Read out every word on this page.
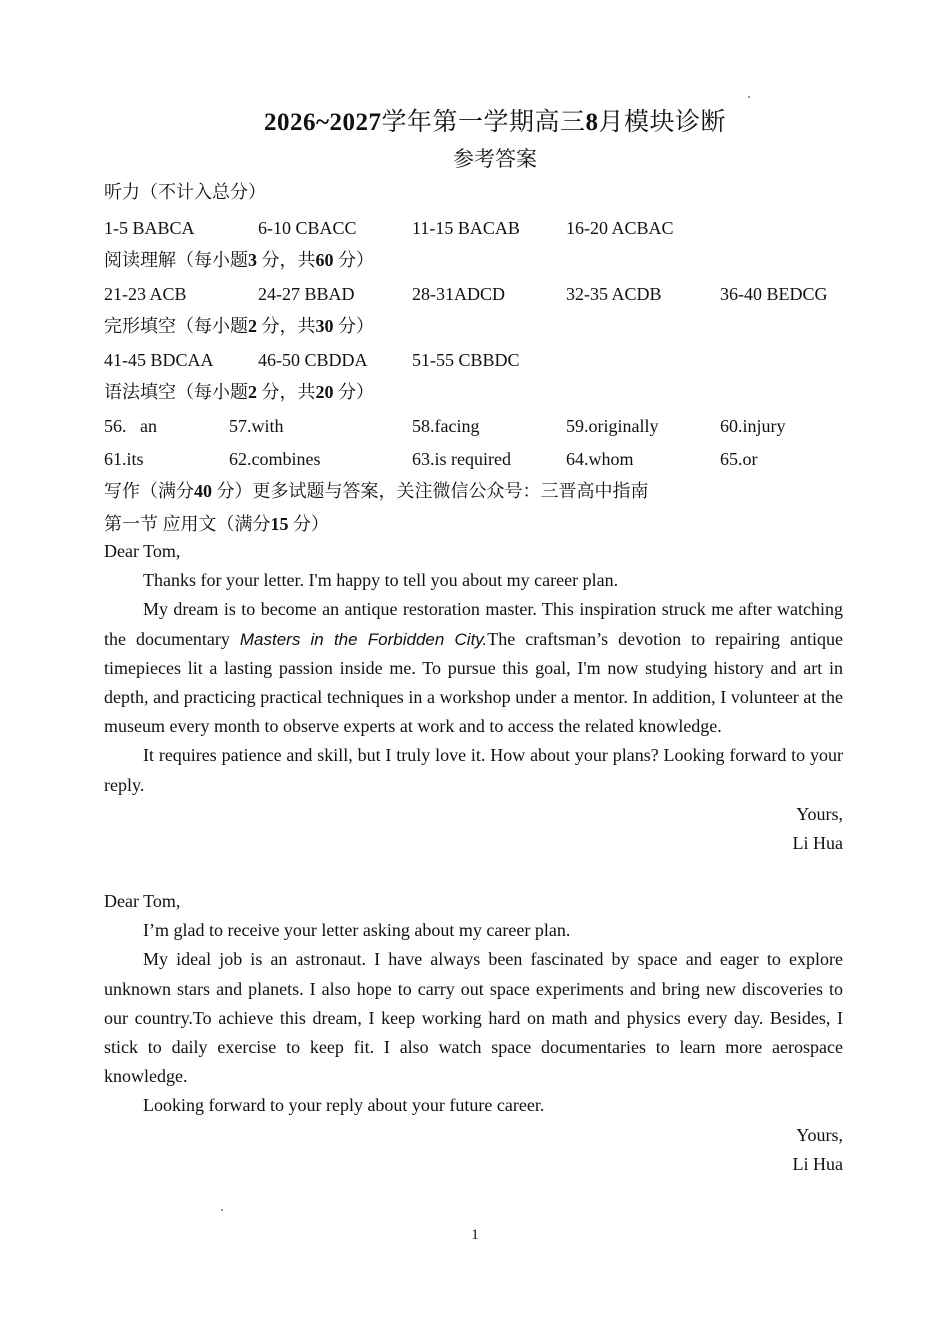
2026~2027学年第一学期高三8月模块诊断
参考答案
听力（不计入总分）
1-5 BABCA	6-10 CBACC	11-15 BACAB	16-20 ACBAC
阅读理解（每小题3 分，共60 分）
21-23 ACB	24-27 BBAD	28-31ADCD	32-35 ACDB	36-40 BEDCG
完形填空（每小题2 分，共30 分）
41-45 BDCAA 46-50 CBDDA 51-55 CBBDC
语法填空（每小题2 分，共20 分）
56.   an	57.with	58.facing	59.originally	60.injury
61.its	62.combines	63.is required	64.whom	65.or
写作（满分40 分）更多试题与答案，关注微信公众号：三晋高中指南
第一节 应用文（满分15 分）

Dear Tom,

Thanks for your letter. I'm happy to tell you about my career plan.

My dream is to become an antique restoration master. This inspiration struck me after watching the documentary Masters in the Forbidden City.The craftsman’s devotion to repairing antique timepieces lit a lasting passion inside me. To pursue this goal, I'm now studying history and art in depth, and practicing practical techniques in a workshop under a mentor. In addition, I volunteer at the museum every month to observe experts at work and to access the related knowledge.

It requires patience and skill, but I truly love it. How about your plans? Looking forward to your reply.

Yours,

Li Hua

Dear Tom,

I’m glad to receive your letter asking about my career plan.

My ideal job is an astronaut. I have always been fascinated by space and eager to explore unknown stars and planets. I also hope to carry out space experiments and bring new discoveries to our country.To achieve this dream, I keep working hard on math and physics every day. Besides, I stick to daily exercise to keep fit. I also watch space documentaries to learn more aerospace knowledge.

Looking forward to your reply about your future career.

Yours,

Li Hua

1
